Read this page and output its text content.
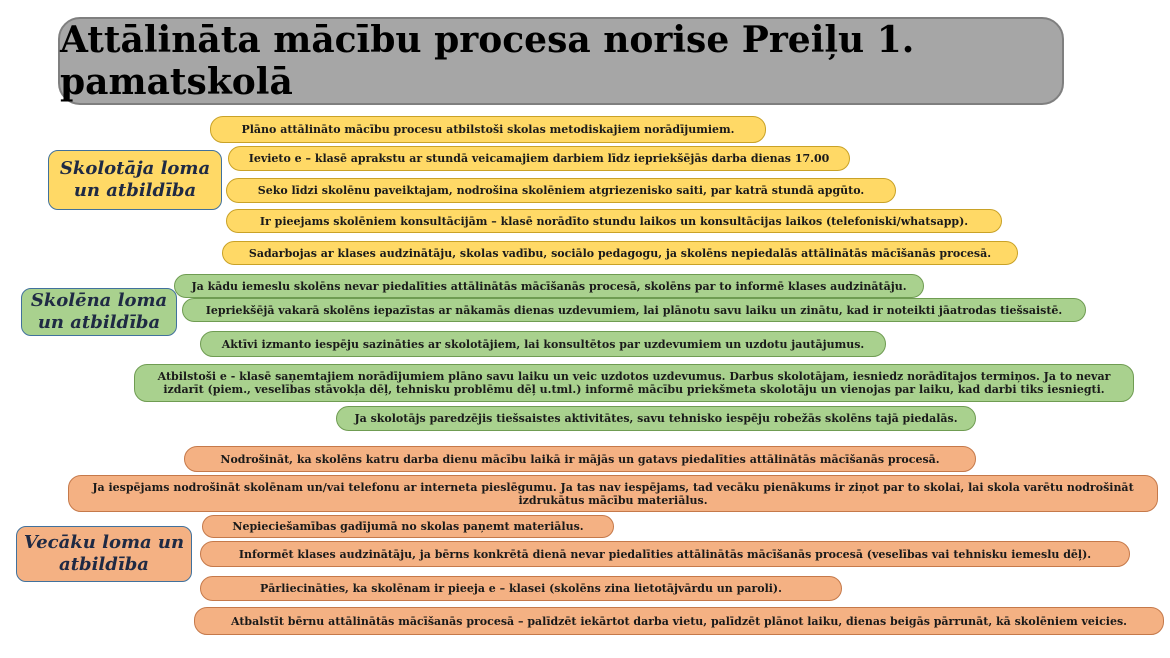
Attālināta mācību procesa norise Preiļu 1. pamatskolā
Skolotāja loma un atbildība
Plāno attālināto mācību procesu atbilstoši skolas metodiskajiem norādījumiem.
Ievieto e – klasē aprakstu ar stundā veicamajiem darbiem līdz iepriekšējās darba dienas 17.00
Seko līdzi skolēnu paveiktajam, nodrošina skolēniem atgriezenisko saiti, par katrā stundā apgūto.
Ir pieejams skolēniem konsultācijām – klasē norādīto stundu laikos un konsultācijas laikos (telefoniski/whatsapp).
Sadarbojas ar klases audzinātāju, skolas vadību, sociālo pedagogu, ja skolēns nepiedalās attālinātās mācīšanās procesā.
Skolēna loma un atbildība
Ja kādu iemeslu skolēns nevar piedalīties attālinātās mācīšanās procesā, skolēns par to informē klases audzinātāju.
Iepriekšējā vakarā skolēns iepazīstas ar nākamās dienas uzdevumiem, lai plānotu savu laiku un zinātu, kad ir noteikti jāatrodas tiešsaistē.
Aktīvi izmanto iespēju sazināties ar skolotājiem, lai konsultētos par uzdevumiem un uzdotu jautājumus.
Atbilstoši e - klasē saņemtajiem norādījumiem plāno savu laiku un veic uzdotos uzdevumus. Darbus skolotājam, iesniedz norādītajos termiņos. Ja to nevar izdarīt (piem., veselības stāvokļa dēļ, tehnisku problēmu dēļ u.tml.) informē mācību priekšmeta skolotāju un vienojas par laiku, kad darbi tiks iesniegti.
Ja skolotājs paredzējis tiešsaistes aktivitātes, savu tehnisko iespēju robežās skolēns tajā piedalās.
Vecāku loma un atbildība
Nodrošināt, ka skolēns katru darba dienu mācību laikā ir mājās un gatavs piedalīties attālinātās mācīšanās procesā.
Ja iespējams nodrošināt skolēnam un/vai telefonu ar interneta pieslēgumu. Ja tas nav iespējams, tad vecāku pienākums ir ziņot par to skolai, lai skola varētu nodrošināt izdrukātus mācību materiālus.
Nepieciešamības gadījumā no skolas paņemt materiālus.
Informēt klases audzinātāju, ja bērns konkrētā dienā nevar piedalīties attālinātās mācīšanās procesā (veselības vai tehnisku iemeslu dēļ).
Pārliecināties, ka skolēnam ir pieeja e – klasei (skolēns zina lietotājvārdu un paroli).
Atbalstīt bērnu attālinātās mācīšanās procesā – palīdzēt iekārtot darba vietu, palīdzēt plānot laiku, dienas beigās pārrunāt, kā skolēniem veicies.
